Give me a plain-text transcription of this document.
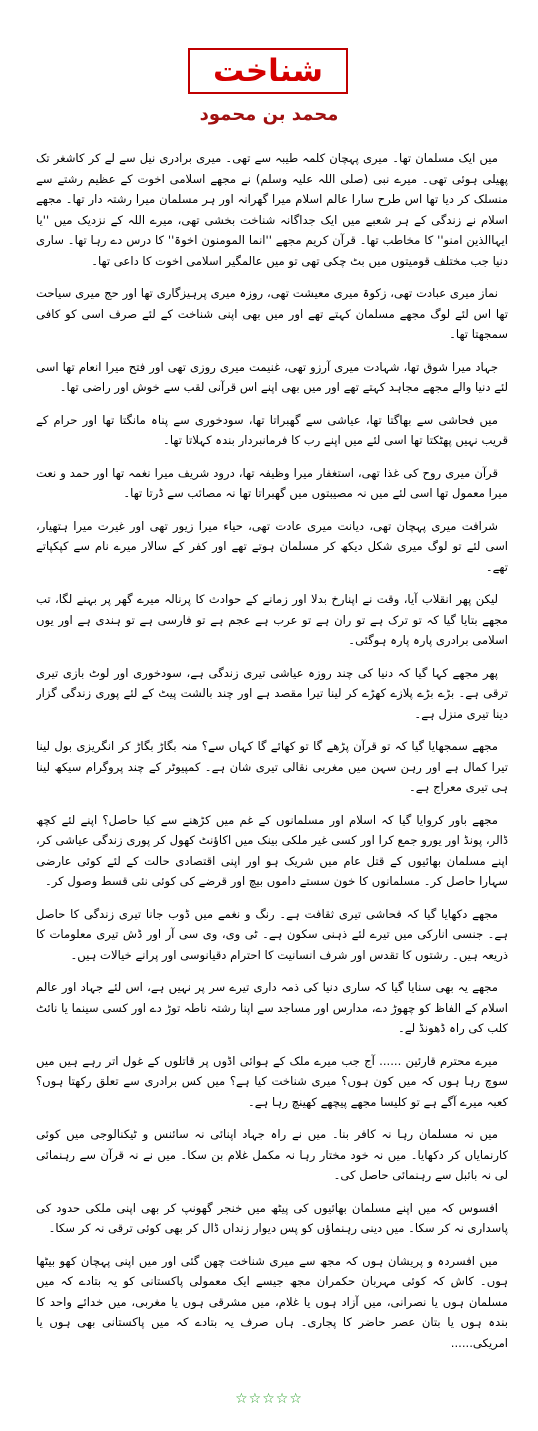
شناخت
محمد بن محمود

میں ایک مسلمان تھا۔ میری پہچان کلمہ طیبہ سے تھی۔ میری برادری نیل سے لے کر کاشغر تک پھیلی ہوئی تھی۔ میرے نبی (صلی اللہ علیہ وسلم) نے مجھے اسلامی اخوت کے عظیم رشتے سے منسلک کر دیا تھا اس طرح سارا عالم اسلام میرا گھرانہ اور ہر مسلمان میرا رشتہ دار تھا۔ مجھے اسلام نے زندگی کے ہر شعبے میں ایک جداگانہ شناخت بخشی تھی، میرے اللہ کے نزدیک میں ''یا ایہاالذین امنو'' کا مخاطب تھا۔ قرآن کریم مجھے ''انما المومنون اخوۃ'' کا درس دے رہا تھا۔ ساری دنیا جب مختلف قومیتوں میں بٹ چکی تھی تو میں عالمگیر اسلامی اخوت کا داعی تھا۔

نماز میری عبادت تھی، زکوۃ میری معیشت تھی، روزہ میری پرہیزگاری تھا اور حج میری سیاحت تھا اس لئے لوگ مجھے مسلمان کہتے تھے اور میں بھی اپنی شناخت کے لئے صرف اسی کو کافی سمجھتا تھا۔

جہاد میرا شوق تھا، شہادت میری آرزو تھی، غنیمت میری روزی تھی اور فتح میرا انعام تھا اسی لئے دنیا والے مجھے مجاہد کہتے تھے اور میں بھی اپنے اس قرآنی لقب سے خوش اور راضی تھا۔

میں فحاشی سے بھاگتا تھا، عیاشی سے گھبراتا تھا، سودخوری سے پناہ مانگتا تھا اور حرام کے قریب نہیں پھٹکتا تھا اسی لئے میں اپنے رب کا فرمانبردار بندہ کہلاتا تھا۔

قرآن میری روح کی غذا تھی، استغفار میرا وظیفہ تھا، درود شریف میرا نغمہ تھا اور حمد و نعت میرا معمول تھا اسی لئے میں نہ مصیبتوں میں گھبراتا تھا نہ مصائب سے ڈرتا تھا۔

شرافت میری پہچان تھی، دیانت میری عادت تھی، حیاء میرا زیور تھی اور غیرت میرا ہتھیار، اسی لئے تو لوگ میری شکل دیکھ کر مسلمان ہوتے تھے اور کفر کے سالار میرے نام سے کپکپاتے تھے۔

لیکن پھر انقلاب آیا، وقت نے اپنارخ بدلا اور زمانے کے حوادث کا پرنالہ میرے گھر پر بہنے لگا، تب مجھے بتایا گیا کہ تو ترک ہے تو ران ہے تو عرب ہے عجم ہے تو فارسی ہے تو ہندی ہے اور یوں اسلامی برادری پارہ پارہ ہوگئی۔

پھر مجھے کہا گیا کہ دنیا کی چند روزہ عیاشی تیری زندگی ہے، سودخوری اور لوٹ بازی تیری ترقی ہے۔ بڑے بڑے پلازے کھڑے کر لینا تیرا مقصد ہے اور چند بالشت پیٹ کے لئے پوری زندگی گزار دینا تیری منزل ہے۔

مجھے سمجھایا گیا کہ تو قرآن پڑھے گا تو کھائے گا کہاں سے؟ منہ بگاڑ بگاڑ کر انگریزی بول لینا تیرا کمال ہے اور رہن سہن میں مغربی نقالی تیری شان ہے۔ کمپیوٹر کے چند پروگرام سیکھ لینا ہی تیری معراج ہے۔

مجھے باور کروایا گیا کہ اسلام اور مسلمانوں کے غم میں کڑھنے سے کیا حاصل؟ اپنے لئے کچھ ڈالر، پونڈ اور یورو جمع کرا اور کسی غیر ملکی بینک میں اکاؤنٹ کھول کر پوری زندگی عیاشی کر، اپنے مسلمان بھائیوں کے قتل عام میں شریک ہو اور اپنی اقتصادی حالت کے لئے کوئی عارضی سہارا حاصل کر۔ مسلمانوں کا خون سستے داموں بیچ اور قرضے کی کوئی نئی قسط وصول کر۔

مجھے دکھایا گیا کہ فحاشی تیری ثقافت ہے۔ رنگ و نغمے میں ڈوب جانا تیری زندگی کا حاصل ہے۔ جنسی انارکی میں تیرے لئے ذہنی سکون ہے۔ ٹی وی، وی سی آر اور ڈش تیری معلومات کا ذریعہ ہیں۔ رشتوں کا تقدس اور شرف انسانیت کا احترام دقیانوسی اور پرانے خیالات ہیں۔

مجھے یہ بھی سنایا گیا کہ ساری دنیا کی ذمہ داری تیرے سر پر نہیں ہے، اس لئے جہاد اور عالم اسلام کے الفاظ کو چھوڑ دے، مدارس اور مساجد سے اپنا رشتہ ناطہ توڑ دے اور کسی سینما یا نائٹ کلب کی راہ ڈھونڈ لے۔

میرے محترم قارئین ...... آج جب میرے ملک کے ہوائی اڈوں پر قاتلوں کے غول اتر رہے ہیں میں سوچ رہا ہوں کہ میں کون ہوں؟ میری شناخت کیا ہے؟ میں کس برادری سے تعلق رکھتا ہوں؟ کعبہ میرے آگے ہے تو کلیسا مجھے پیچھے کھینچ رہا ہے۔

میں نہ مسلمان رہا نہ کافر بنا۔ میں نے راہ جہاد اپنائی نہ سائنس و ٹیکنالوجی میں کوئی کارنمایاں کر دکھایا۔ میں نہ خود مختار رہا نہ مکمل غلام بن سکا۔ میں نے نہ قرآن سے رہنمائی لی نہ بائبل سے رہنمائی حاصل کی۔

افسوس کہ میں اپنے مسلمان بھائیوں کی پیٹھ میں خنجر گھونپ کر بھی اپنی ملکی حدود کی پاسداری نہ کر سکا۔ میں دینی رہنماؤں کو پس دیوار زنداں ڈال کر بھی کوئی ترقی نہ کر سکا۔

میں افسردہ و پریشان ہوں کہ مجھ سے میری شناخت چھن گئی اور میں اپنی پہچان کھو بیٹھا ہوں۔ کاش کہ کوئی مہربان حکمران مجھ جیسے ایک معمولی پاکستانی کو یہ بتادے کہ میں مسلمان ہوں یا نصرانی، میں آزاد ہوں یا غلام، میں مشرقی ہوں یا مغربی، میں خدائے واحد کا بندہ ہوں یا بتان عصر حاضر کا پجاری۔ ہاں صرف یہ بتادے کہ میں پاکستانی بھی ہوں یا امریکی......

☆☆☆☆☆
